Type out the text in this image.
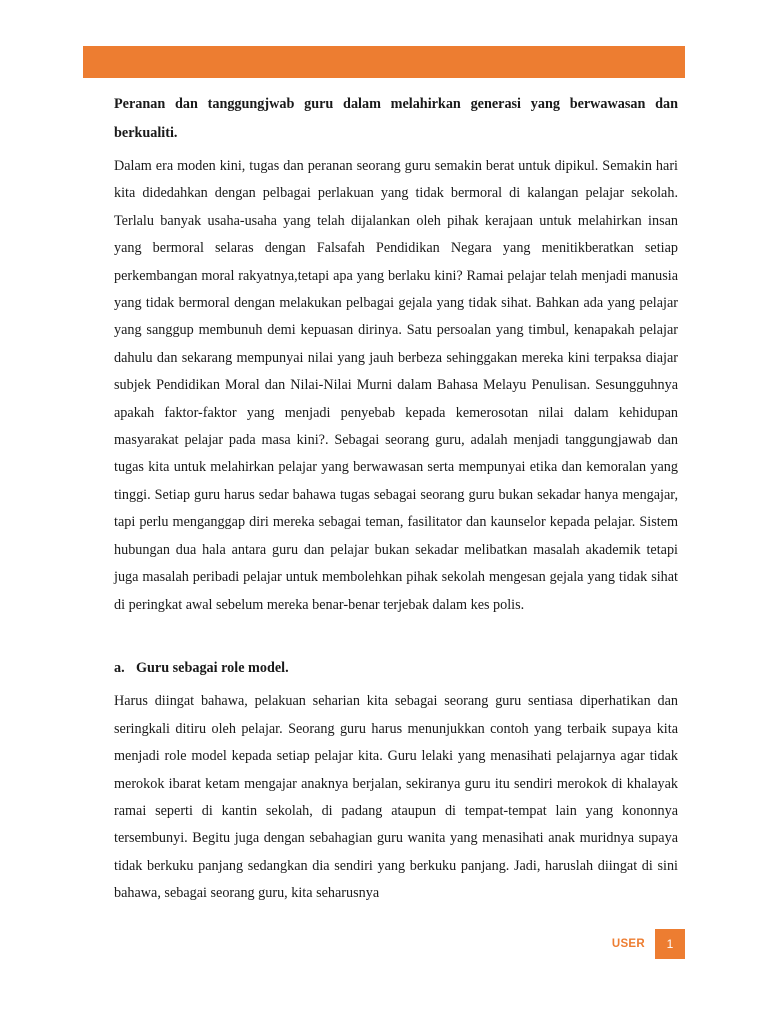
Peranan dan tanggungjwab guru dalam melahirkan generasi yang berwawasan dan berkualiti.

Dalam era moden kini, tugas dan peranan seorang guru semakin berat untuk dipikul. Semakin hari kita didedahkan dengan pelbagai perlakuan yang tidak bermoral di kalangan pelajar sekolah. Terlalu banyak usaha-usaha yang telah dijalankan oleh pihak kerajaan untuk melahirkan insan yang bermoral selaras dengan Falsafah Pendidikan Negara yang menitikberatkan setiap perkembangan moral rakyatnya,tetapi apa yang berlaku kini? Ramai pelajar telah menjadi manusia yang tidak bermoral dengan melakukan pelbagai gejala yang tidak sihat. Bahkan ada yang pelajar yang sanggup membunuh demi kepuasan dirinya. Satu persoalan yang timbul, kenapakah pelajar dahulu dan sekarang mempunyai nilai yang jauh berbeza sehinggakan mereka kini terpaksa diajar subjek Pendidikan Moral dan Nilai-Nilai Murni dalam Bahasa Melayu Penulisan. Sesungguhnya apakah faktor-faktor yang menjadi penyebab kepada kemerosotan nilai dalam kehidupan masyarakat pelajar pada masa kini?. Sebagai seorang guru, adalah menjadi tanggungjawab dan tugas kita untuk melahirkan pelajar yang berwawasan serta mempunyai etika dan kemoralan yang tinggi. Setiap guru harus sedar bahawa tugas sebagai seorang guru bukan sekadar hanya mengajar, tapi perlu menganggap diri mereka sebagai teman, fasilitator dan kaunselor kepada pelajar. Sistem hubungan dua hala antara guru dan pelajar bukan sekadar melibatkan masalah akademik tetapi juga masalah peribadi pelajar untuk membolehkan pihak sekolah mengesan gejala yang tidak sihat di peringkat awal sebelum mereka benar-benar terjebak dalam kes polis.

a. Guru sebagai role model.

Harus diingat bahawa, pelakuan seharian kita sebagai seorang guru sentiasa diperhatikan dan seringkali ditiru oleh pelajar. Seorang guru harus menunjukkan contoh yang terbaik supaya kita menjadi role model kepada setiap pelajar kita. Guru lelaki yang menasihati pelajarnya agar tidak merokok ibarat ketam mengajar anaknya berjalan, sekiranya guru itu sendiri merokok di khalayak ramai seperti di kantin sekolah, di padang ataupun di tempat-tempat lain yang kononnya tersembunyi. Begitu juga dengan sebahagian guru wanita yang menasihati anak muridnya supaya tidak berkuku panjang sedangkan dia sendiri yang berkuku panjang. Jadi, haruslah diingat di sini bahawa, sebagai seorang guru, kita seharusnya

USER	1
